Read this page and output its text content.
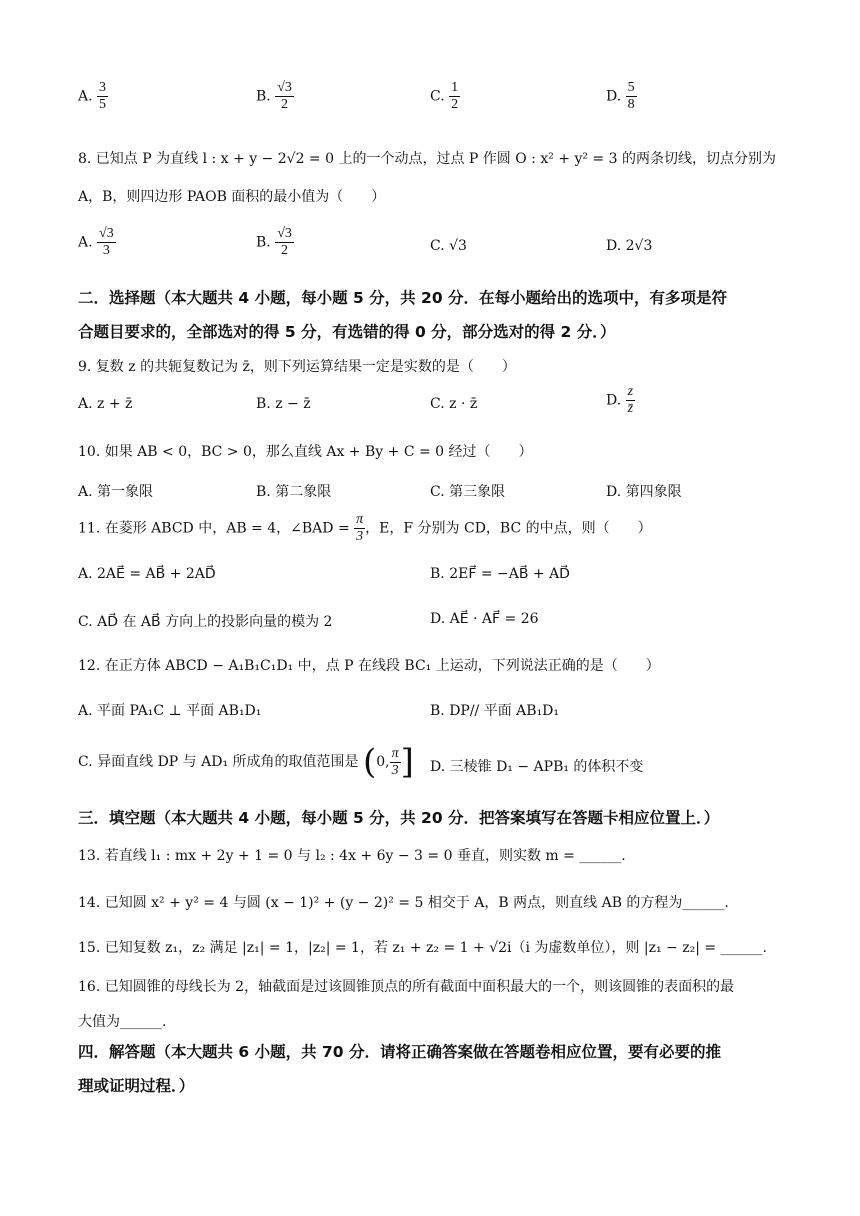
A. $\frac{3}{5}$	B. $\frac{√3}{2}$	C. $\frac{1}{2}$	D. $\frac{5}{8}$
8. 已知点 P 为直线 l : x + y − 2√2 = 0 上的一个动点，过点 P 作圆 O : x² + y² = 3 的两条切线，切点分别为
A，B，则四边形 PAOB 面积的最小值为（　　）
A. $\frac{√3}{3}$	B. $\frac{√3}{2}$	C. √3	D. 2√3
二．选择题（本大题共 4 小题，每小题 5 分，共 20 分．在每小题给出的选项中，有多项是符
合题目要求的，全部选对的得 5 分，有选错的得 0 分，部分选对的得 2 分．）
9. 复数 z 的共轭复数记为 z̄，则下列运算结果一定是实数的是（　　）
A. z + z̄	B. z − z̄	C. z · z̄	D. $\frac{z}{z̄}$
10. 如果 AB < 0，BC > 0，那么直线 Ax + By + C = 0 经过（　　）
A. 第一象限	B. 第二象限	C. 第三象限	D. 第四象限
11. 在菱形 ABCD 中，AB = 4，∠BAD = $\frac{\pi}{3}$ ，E，F 分别为 CD，BC 的中点，则（　　）
A. 2AE⃗ = AB⃗ + 2AD⃗	B. 2EF⃗ = −AB⃗ + AD⃗
C. AD⃗ 在 AB⃗ 方向上的投影向量的模为 2	D. AE⃗ · AF⃗ = 26
12. 在正方体 ABCD − A₁B₁C₁D₁ 中，点 P 在线段 BC₁ 上运动，下列说法正确的是（　　）
A. 平面 PA₁C ⊥ 平面 AB₁D₁	B. DP// 平面 AB₁D₁
C. 异面直线 DP 与 AD₁ 所成角的取值范围是 (0, $\frac{\pi}{3}$ ] D. 三棱锥 D₁ − APB₁ 的体积不变
三．填空题（本大题共 4 小题，每小题 5 分，共 20 分．把答案填写在答题卡相应位置上．）
13. 若直线 l₁ : mx + 2y + 1 = 0 与 l₂ : 4x + 6y − 3 = 0 垂直，则实数 m = ______.
14. 已知圆 x² + y² = 4 与圆 (x − 1)² + (y − 2)² = 5 相交于 A，B 两点，则直线 AB 的方程为______.
15. 已知复数 z₁，z₂ 满足 |z₁| = 1，|z₂| = 1，若 z₁ + z₂ = 1 + √2i（i 为虚数单位），则 |z₁ − z₂| = ______.
16. 已知圆锥的母线长为 2，轴截面是过该圆锥顶点的所有截面中面积最大的一个，则该圆锥的表面积的最
大值为______.
四．解答题（本大题共 6 小题，共 70 分．请将正确答案做在答题卷相应位置，要有必要的推
理或证明过程．）
